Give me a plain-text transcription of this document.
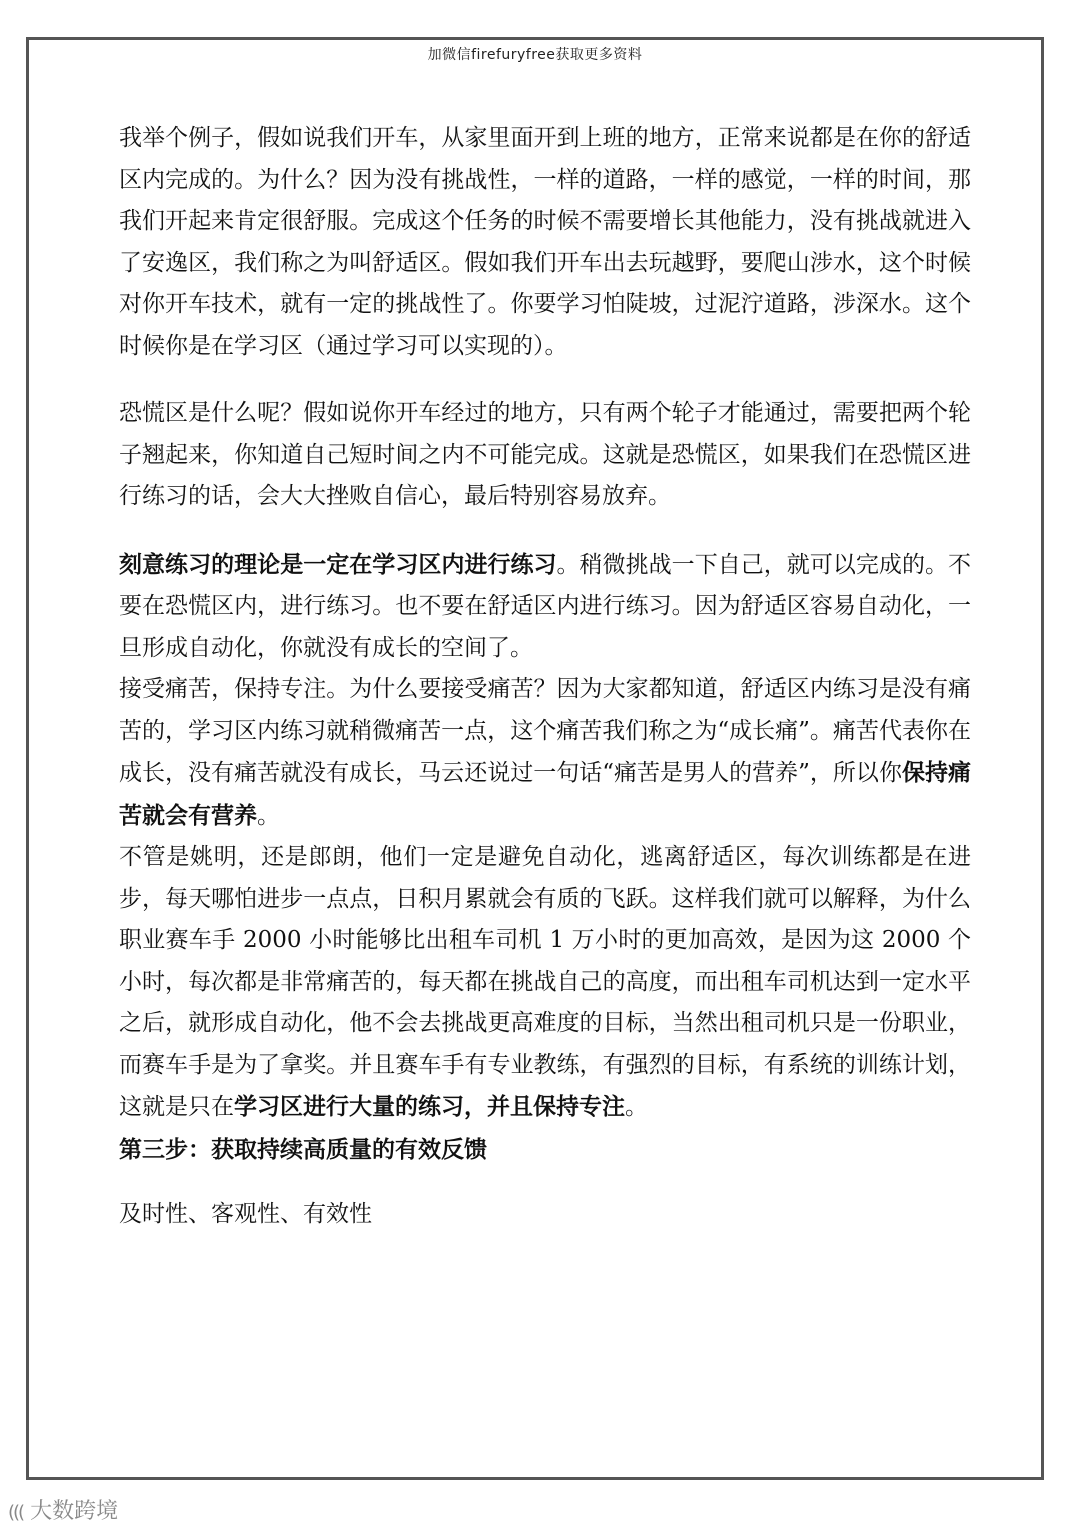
加微信firefuryfree获取更多资料

我举个例子，假如说我们开车，从家里面开到上班的地方，正常来说都是在你的舒适区内完成的。为什么？因为没有挑战性，一样的道路，一样的感觉，一样的时间，那我们开起来肯定很舒服。完成这个任务的时候不需要增长其他能力，没有挑战就进入了安逸区，我们称之为叫舒适区。假如我们开车出去玩越野，要爬山涉水，这个时候对你开车技术，就有一定的挑战性了。你要学习怕陡坡，过泥泞道路，涉深水。这个时候你是在学习区（通过学习可以实现的）。

恐慌区是什么呢？假如说你开车经过的地方，只有两个轮子才能通过，需要把两个轮子翘起来，你知道自己短时间之内不可能完成。这就是恐慌区，如果我们在恐慌区进行练习的话，会大大挫败自信心，最后特别容易放弃。

刻意练习的理论是一定在学习区内进行练习。稍微挑战一下自己，就可以完成的。不要在恐慌区内，进行练习。也不要在舒适区内进行练习。因为舒适区容易自动化，一旦形成自动化，你就没有成长的空间了。

接受痛苦，保持专注。为什么要接受痛苦？因为大家都知道，舒适区内练习是没有痛苦的，学习区内练习就稍微痛苦一点，这个痛苦我们称之为“成长痛”。痛苦代表你在成长，没有痛苦就没有成长，马云还说过一句话“痛苦是男人的营养”，所以你保持痛苦就会有营养。

不管是姚明，还是郎朗，他们一定是避免自动化，逃离舒适区，每次训练都是在进步，每天哪怕进步一点点，日积月累就会有质的飞跃。这样我们就可以解释，为什么职业赛车手 2000 小时能够比出租车司机 1 万小时的更加高效，是因为这 2000 个小时，每次都是非常痛苦的，每天都在挑战自己的高度，而出租车司机达到一定水平之后，就形成自动化，他不会去挑战更高难度的目标，当然出租司机只是一份职业，而赛车手是为了拿奖。并且赛车手有专业教练，有强烈的目标，有系统的训练计划，这就是只在学习区进行大量的练习，并且保持专注。

第三步：获取持续高质量的有效反馈

及时性、客观性、有效性

((( 大数跨境
